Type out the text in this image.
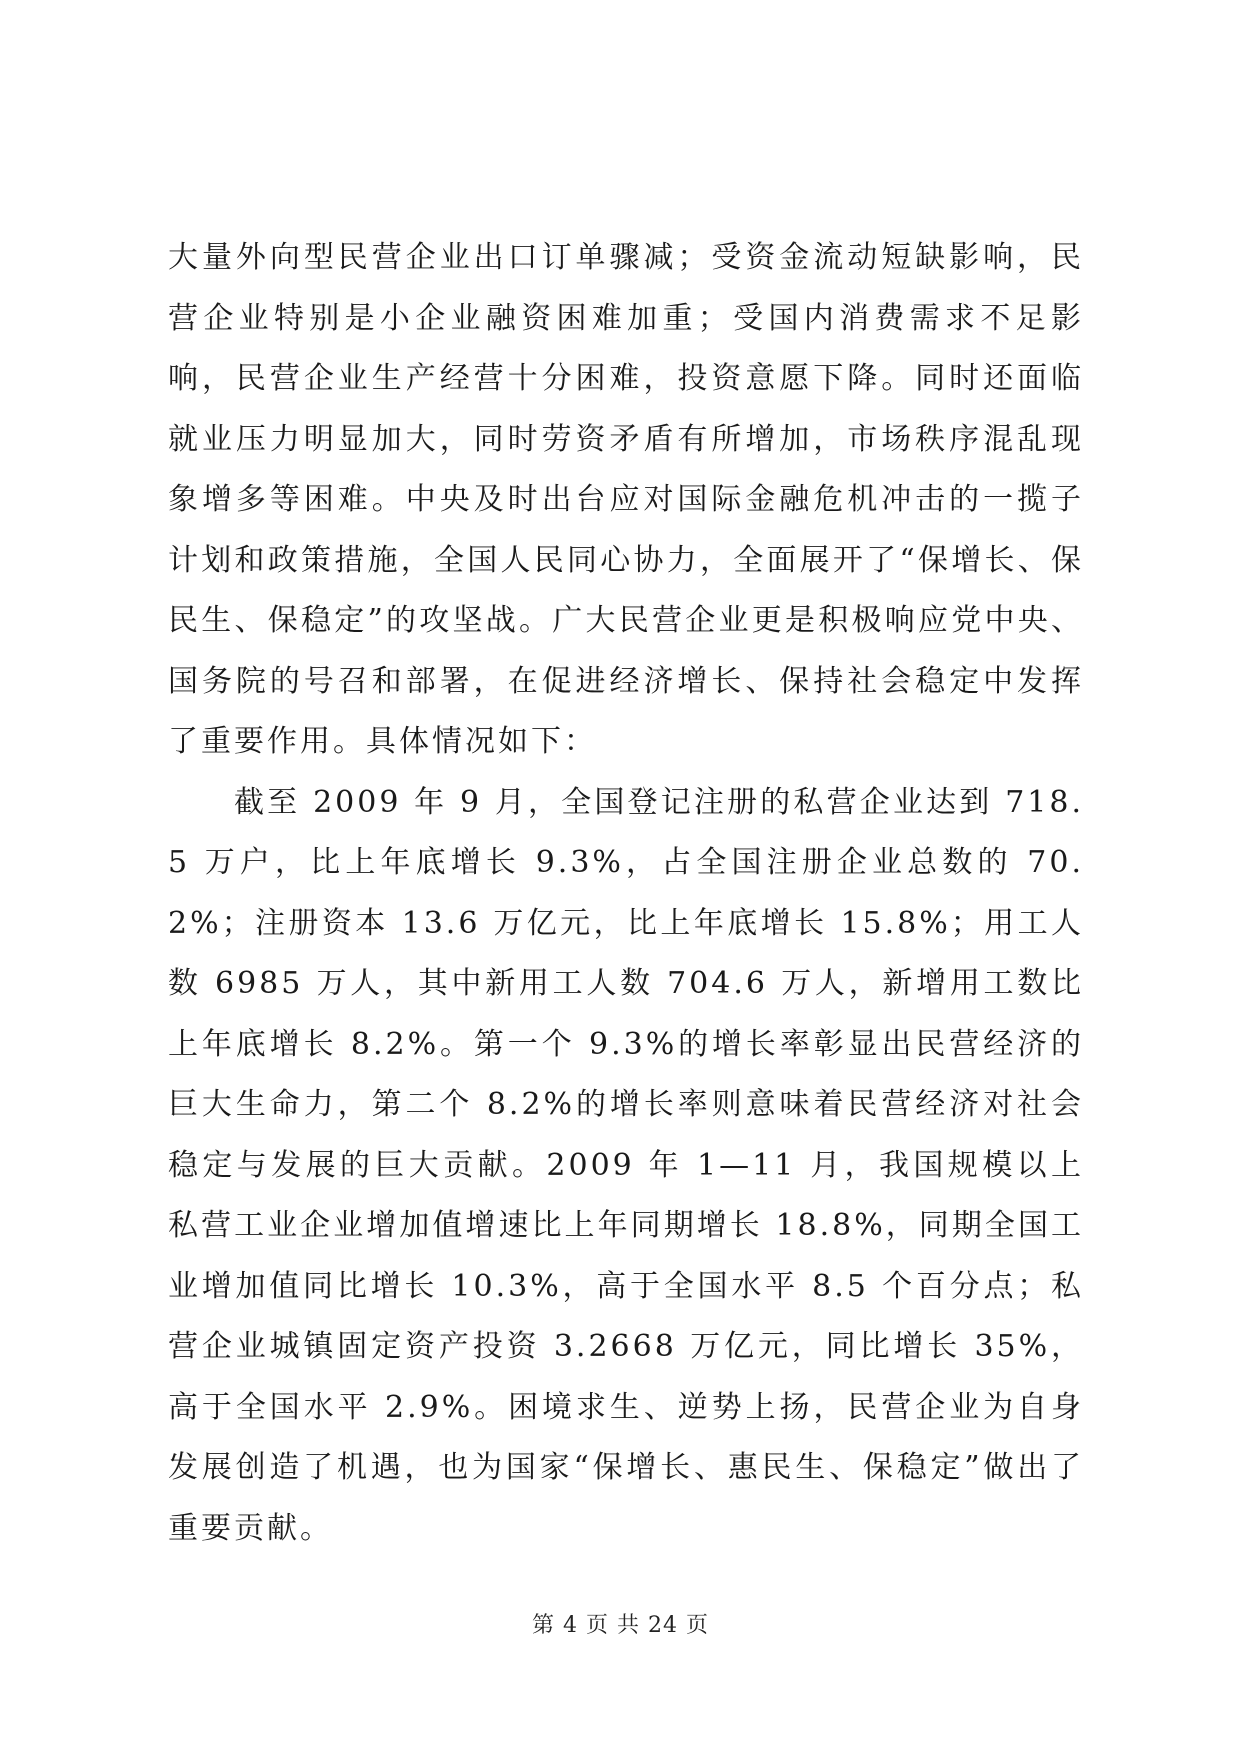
大量外向型民营企业出口订单骤减；受资金流动短缺影响，民营企业特别是小企业融资困难加重；受国内消费需求不足影响，民营企业生产经营十分困难，投资意愿下降。同时还面临就业压力明显加大，同时劳资矛盾有所增加，市场秩序混乱现象增多等困难。中央及时出台应对国际金融危机冲击的一揽子计划和政策措施，全国人民同心协力，全面展开了“保增长、保民生、保稳定”的攻坚战。广大民营企业更是积极响应党中央、国务院的号召和部署，在促进经济增长、保持社会稳定中发挥了重要作用。具体情况如下：

截至 2009 年 9 月，全国登记注册的私营企业达到 718.5 万户，比上年底增长 9.3%，占全国注册企业总数的 70.2%；注册资本 13.6 万亿元，比上年底增长 15.8%；用工人数 6985 万人，其中新用工人数 704.6 万人，新增用工数比上年底增长 8.2%。第一个 9.3%的增长率彰显出民营经济的巨大生命力，第二个 8.2%的增长率则意味着民营经济对社会稳定与发展的巨大贡献。2009 年 1—11 月，我国规模以上私营工业企业增加值增速比上年同期增长 18.8%，同期全国工业增加值同比增长 10.3%，高于全国水平 8.5 个百分点；私营企业城镇固定资产投资 3.2668 万亿元，同比增长 35%，高于全国水平 2.9%。困境求生、逆势上扬，民营企业为自身发展创造了机遇，也为国家“保增长、惠民生、保稳定”做出了重要贡献。

第 4 页 共 24 页
